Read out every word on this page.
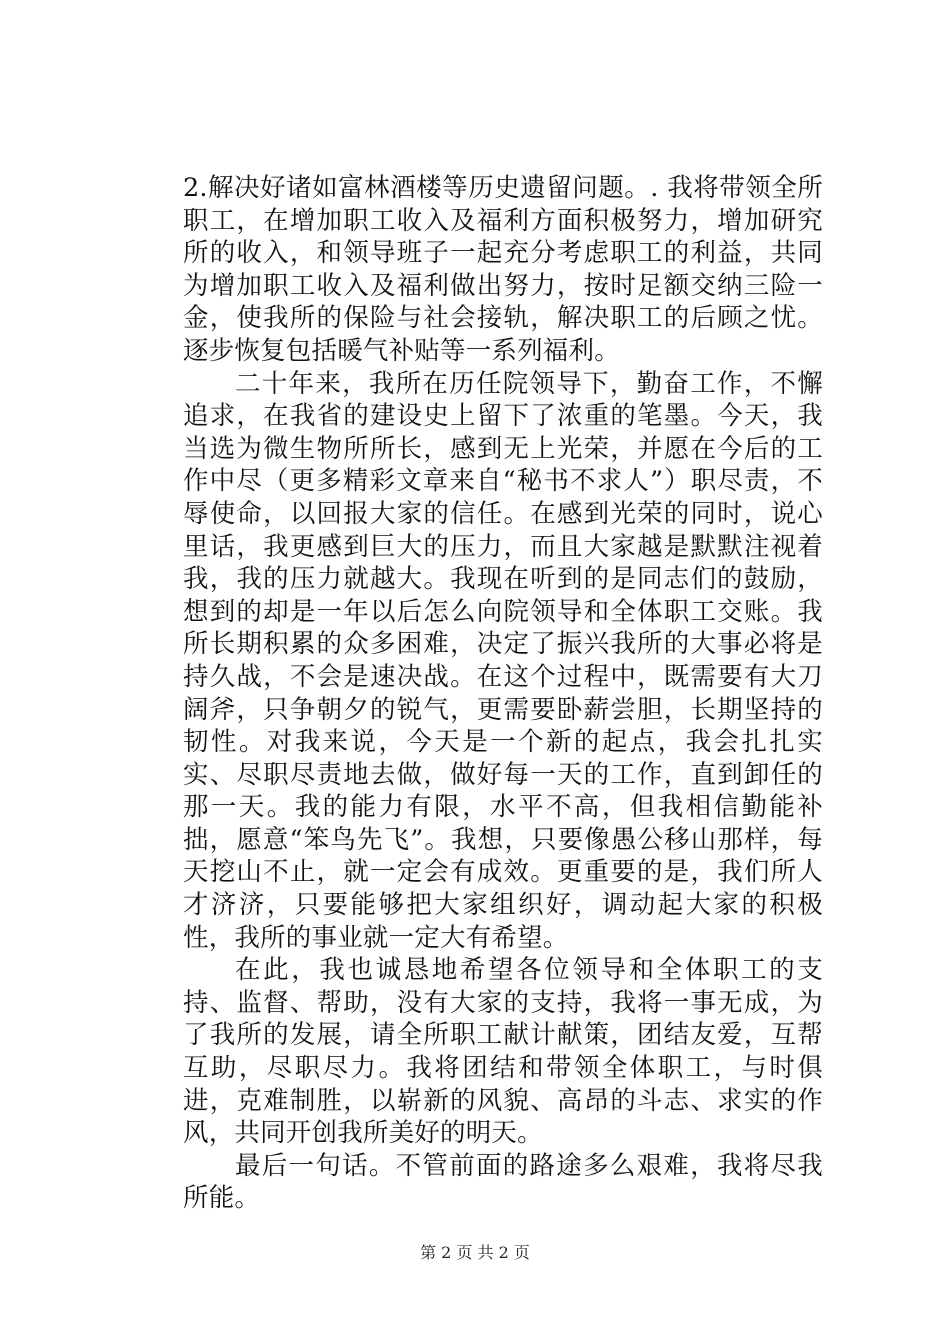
2.解决好诸如富林酒楼等历史遗留问题。. 我将带领全所职工，在增加职工收入及福利方面积极努力，增加研究所的收入，和领导班子一起充分考虑职工的利益，共同为增加职工收入及福利做出努力，按时足额交纳三险一金，使我所的保险与社会接轨，解决职工的后顾之忧。逐步恢复包括暖气补贴等一系列福利。

二十年来，我所在历任院领导下，勤奋工作，不懈追求，在我省的建设史上留下了浓重的笔墨。今天，我当选为微生物所所长，感到无上光荣，并愿在今后的工作中尽（更多精彩文章来自“秘书不求人”）职尽责，不辱使命，以回报大家的信任。在感到光荣的同时，说心里话，我更感到巨大的压力，而且大家越是默默注视着我，我的压力就越大。我现在听到的是同志们的鼓励，想到的却是一年以后怎么向院领导和全体职工交账。我所长期积累的众多困难，决定了振兴我所的大事必将是持久战，不会是速决战。在这个过程中，既需要有大刀阔斧，只争朝夕的锐气，更需要卧薪尝胆，长期坚持的韧性。对我来说，今天是一个新的起点，我会扎扎实实、尽职尽责地去做，做好每一天的工作，直到卸任的那一天。我的能力有限，水平不高，但我相信勤能补拙，愿意“笨鸟先飞”。我想，只要像愚公移山那样，每天挖山不止，就一定会有成效。更重要的是，我们所人才济济，只要能够把大家组织好，调动起大家的积极性，我所的事业就一定大有希望。

在此，我也诚恳地希望各位领导和全体职工的支持、监督、帮助，没有大家的支持，我将一事无成，为了我所的发展，请全所职工献计献策，团结友爱，互帮互助，尽职尽力。我将团结和带领全体职工，与时俱进，克难制胜，以崭新的风貌、高昂的斗志、求实的作风，共同开创我所美好的明天。

最后一句话。不管前面的路途多么艰难，我将尽我所能。

第 2 页 共 2 页
